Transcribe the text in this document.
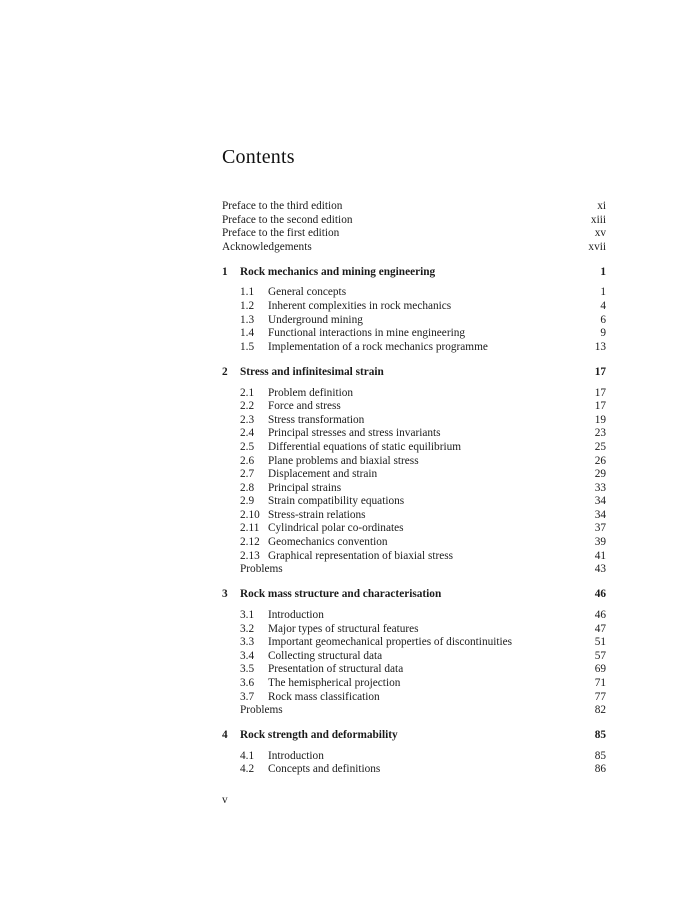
Contents
Preface to the third edition	xi
Preface to the second edition	xiii
Preface to the first edition	xv
Acknowledgements	xvii
1	Rock mechanics and mining engineering	1
1.1	General concepts	1
1.2	Inherent complexities in rock mechanics	4
1.3	Underground mining	6
1.4	Functional interactions in mine engineering	9
1.5	Implementation of a rock mechanics programme	13
2	Stress and infinitesimal strain	17
2.1	Problem definition	17
2.2	Force and stress	17
2.3	Stress transformation	19
2.4	Principal stresses and stress invariants	23
2.5	Differential equations of static equilibrium	25
2.6	Plane problems and biaxial stress	26
2.7	Displacement and strain	29
2.8	Principal strains	33
2.9	Strain compatibility equations	34
2.10 Stress-strain relations	34
2.11 Cylindrical polar co-ordinates	37
2.12 Geomechanics convention	39
2.13 Graphical representation of biaxial stress	41
Problems	43
3	Rock mass structure and characterisation	46
3.1	Introduction	46
3.2	Major types of structural features	47
3.3	Important geomechanical properties of discontinuities	51
3.4	Collecting structural data	57
3.5	Presentation of structural data	69
3.6	The hemispherical projection	71
3.7	Rock mass classification	77
Problems	82
4	Rock strength and deformability	85
4.1	Introduction	85
4.2	Concepts and definitions	86
v
